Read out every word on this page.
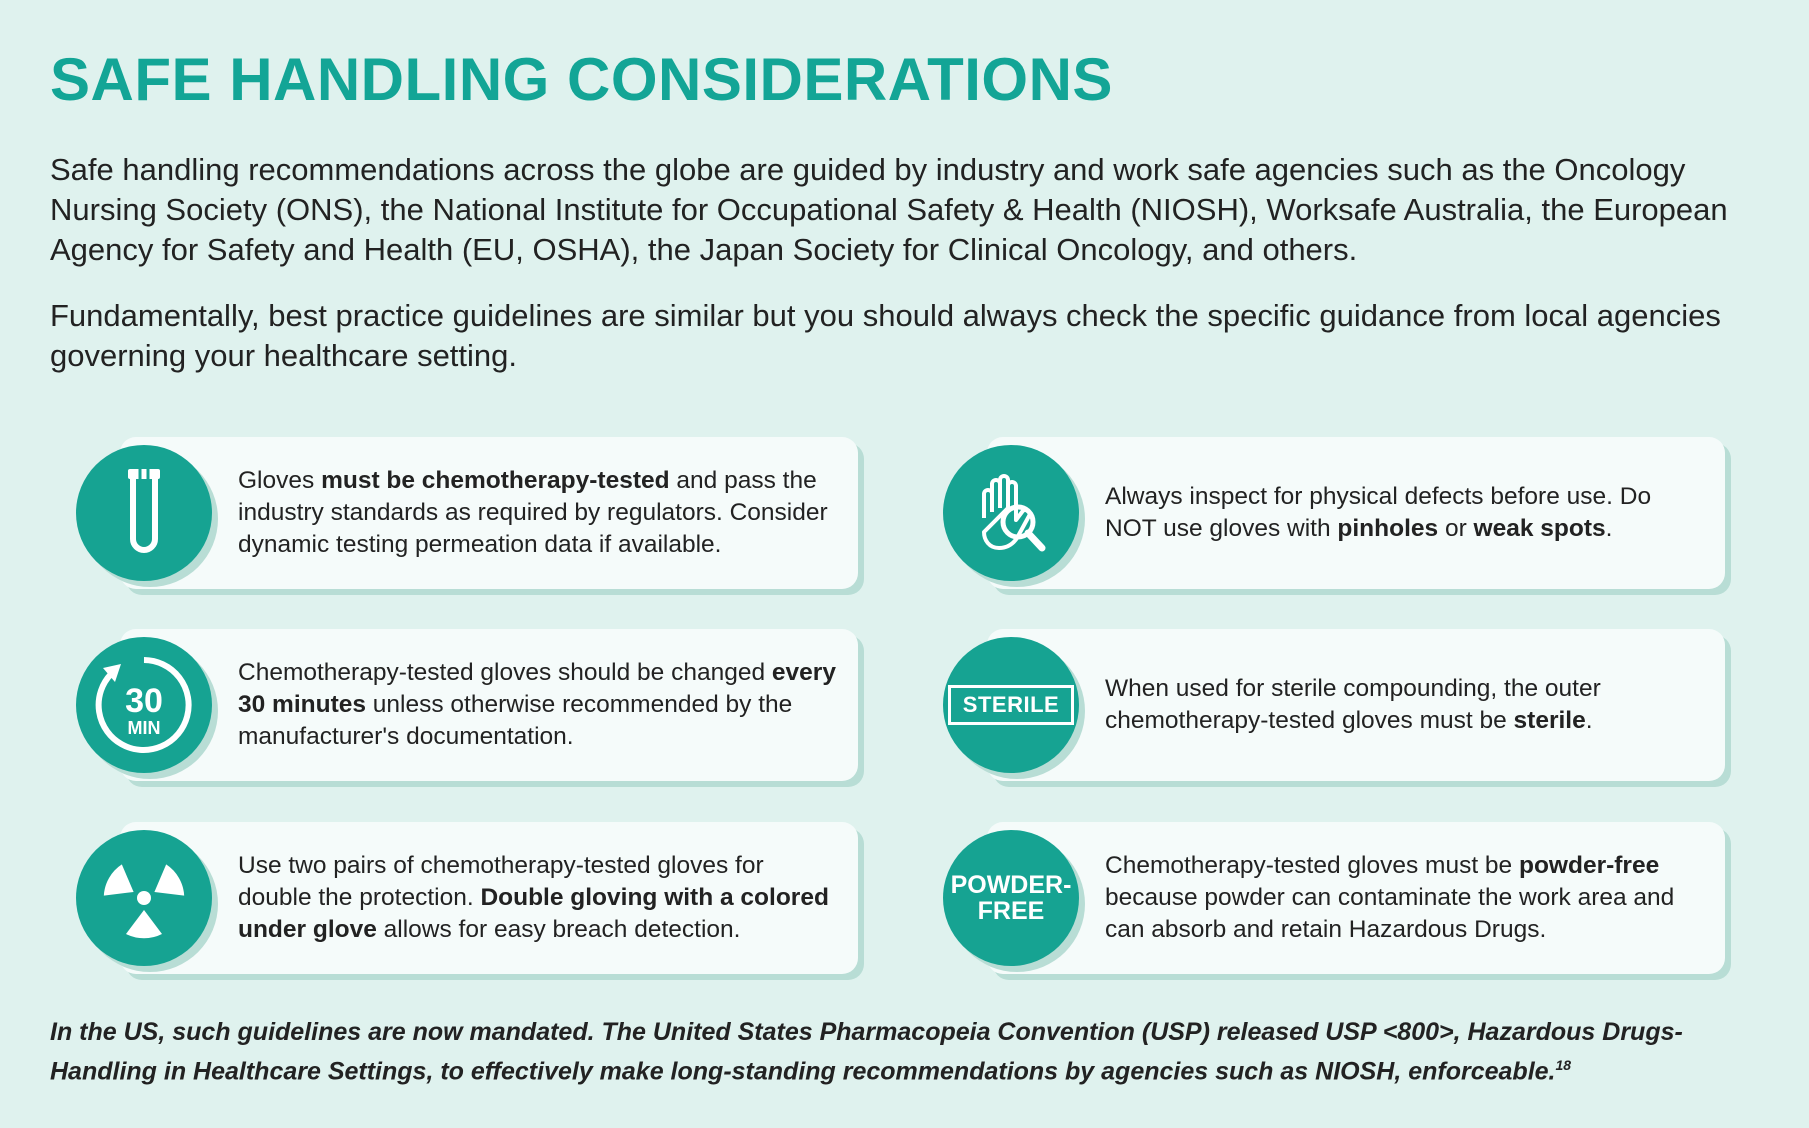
SAFE HANDLING CONSIDERATIONS

Safe handling recommendations across the globe are guided by industry and work safe agencies such as the Oncology Nursing Society (ONS), the National Institute for Occupational Safety & Health (NIOSH), Worksafe Australia, the European Agency for Safety and Health (EU, OSHA), the Japan Society for Clinical Oncology, and others.

Fundamentally, best practice guidelines are similar but you should always check the specific guidance from local agencies governing your healthcare setting.

Gloves must be chemotherapy-tested and pass the industry standards as required by regulators. Consider dynamic testing permeation data if available.
Always inspect for physical defects before use. Do NOT use gloves with pinholes or weak spots.
30
MIN
Chemotherapy-tested gloves should be changed every 30 minutes unless otherwise recommended by the manufacturer's documentation.
STERILE
When used for sterile compounding, the outer chemotherapy-tested gloves must be sterile.
Use two pairs of chemotherapy-tested gloves for double the protection. Double gloving with a colored under glove allows for easy breach detection.
POWDER-
FREE
Chemotherapy-tested gloves must be powder-free because powder can contaminate the work area and can absorb and retain Hazardous Drugs.

In the US, such guidelines are now mandated. The United States Pharmacopeia Convention (USP) released USP <800>, Hazardous Drugs-Handling in Healthcare Settings, to effectively make long-standing recommendations by agencies such as NIOSH, enforceable.$^{18}$
